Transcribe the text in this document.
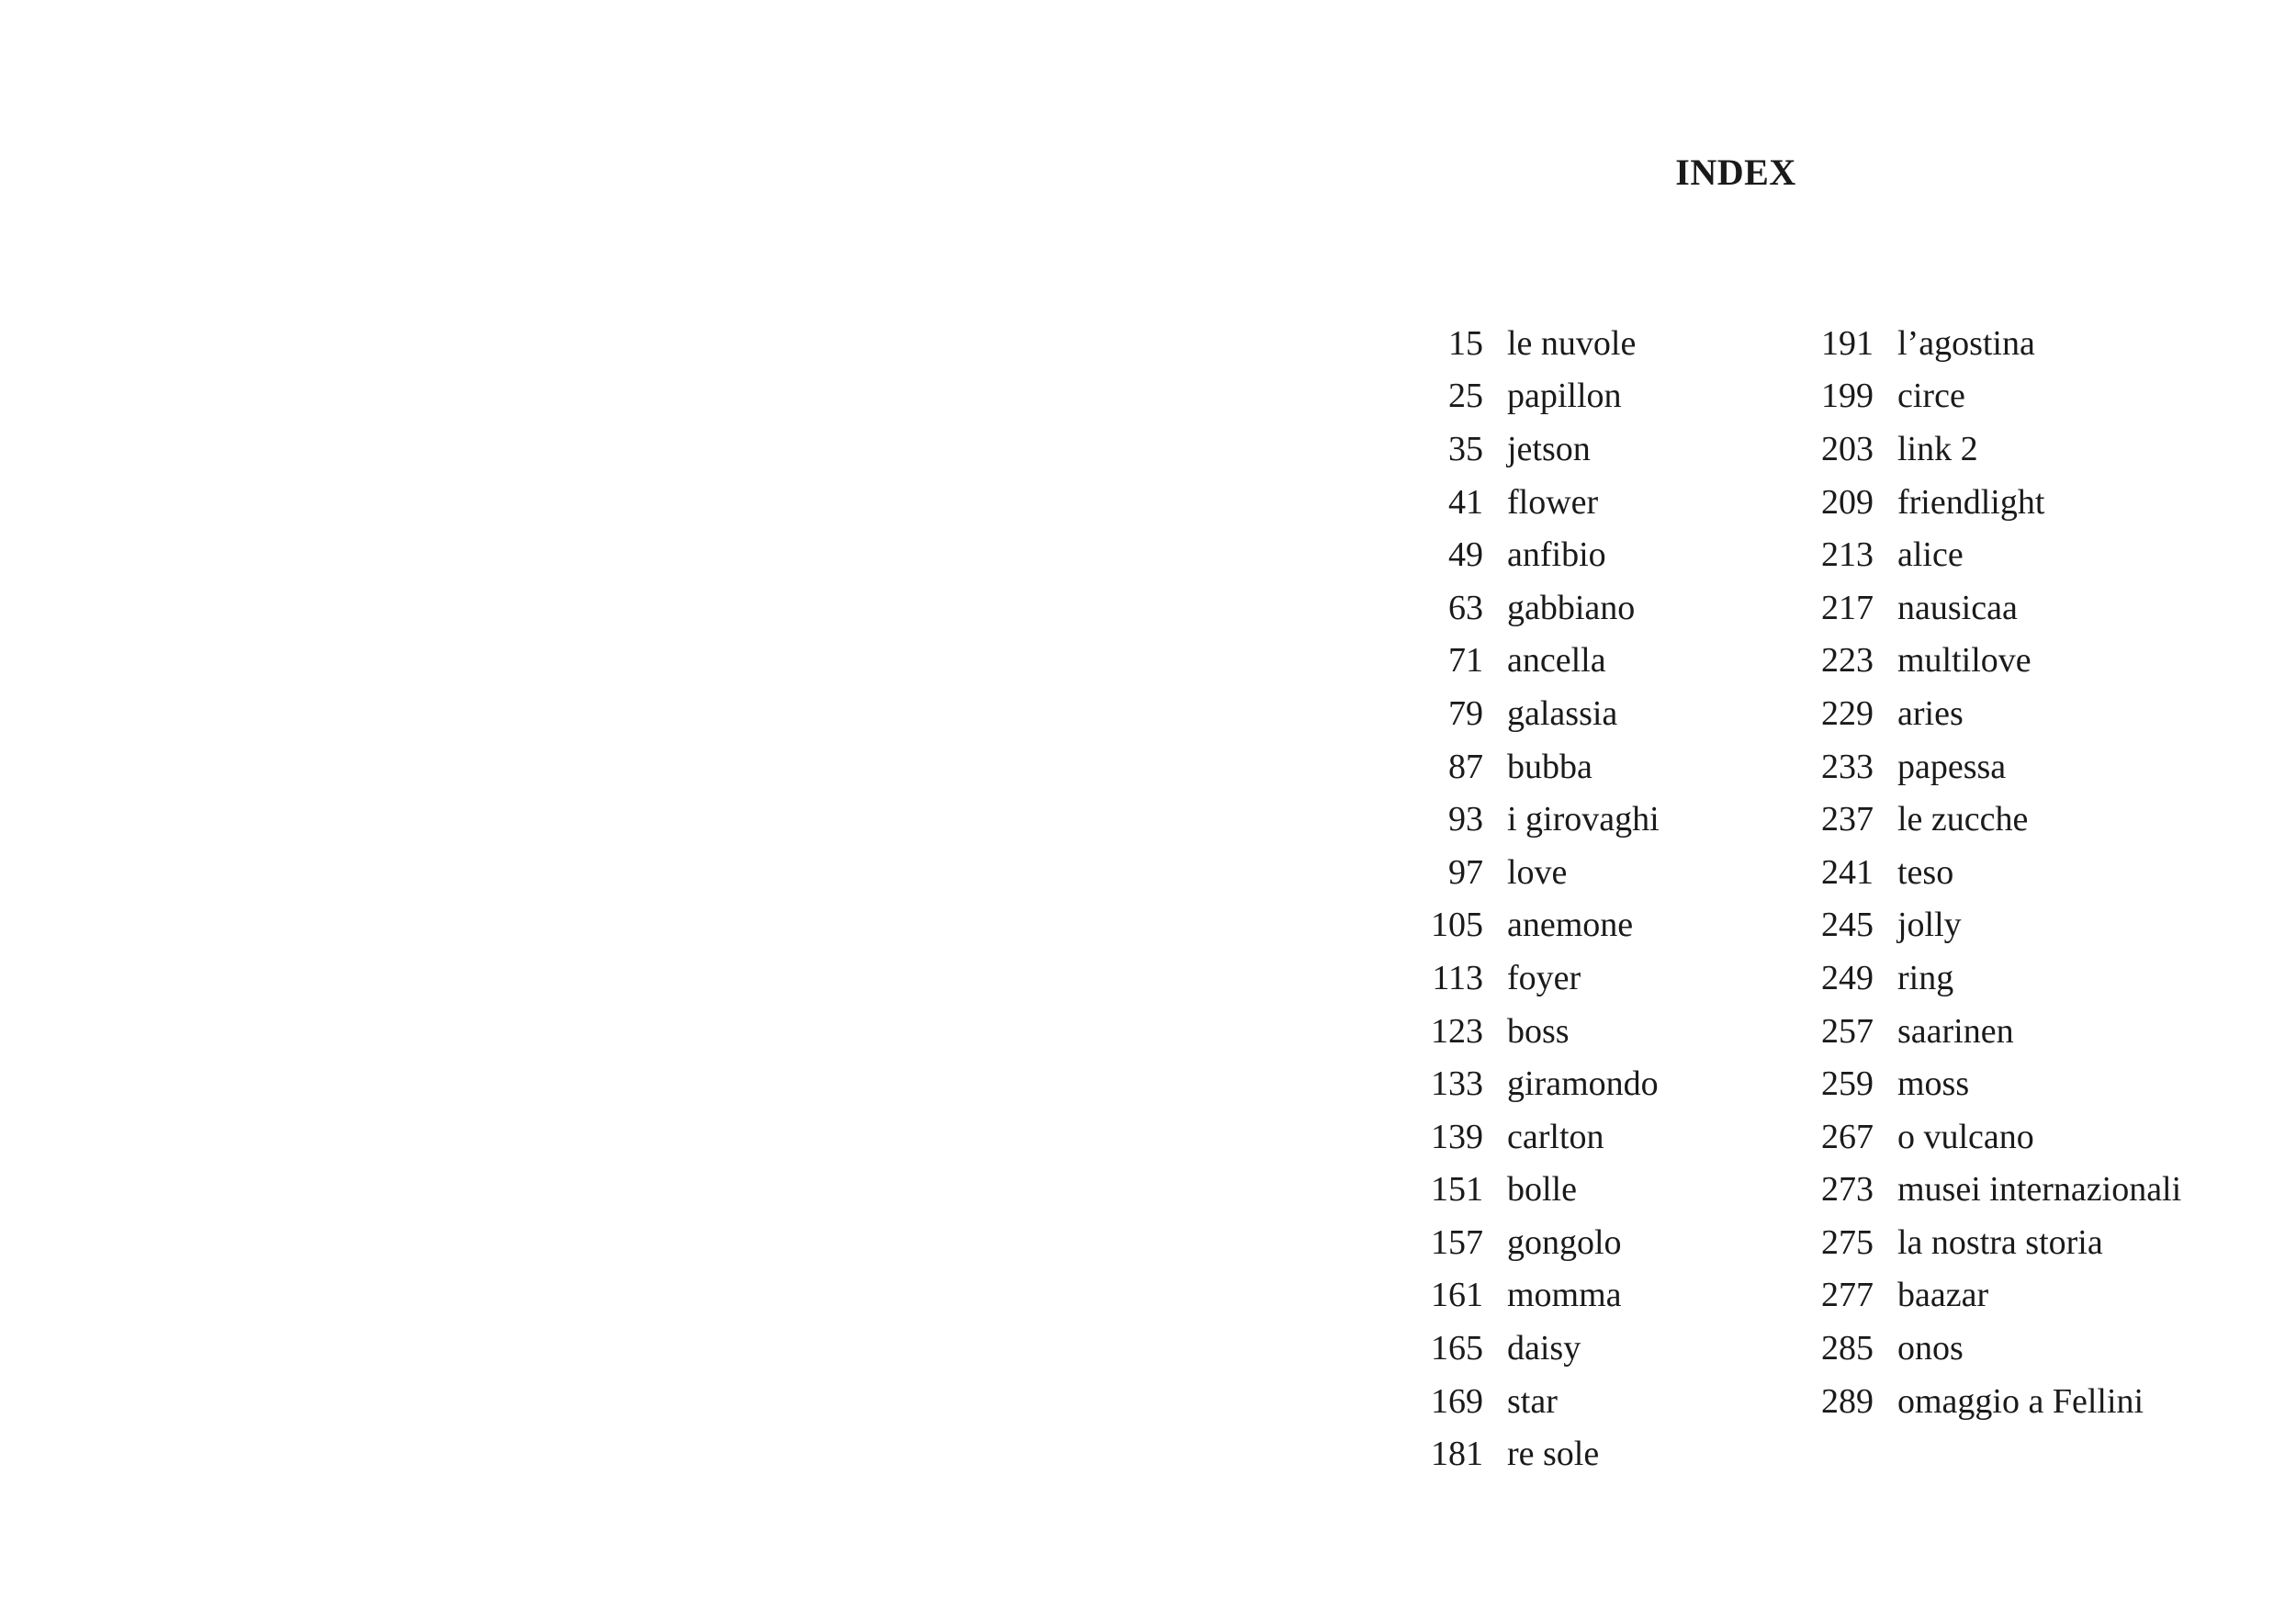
INDEX
15 le nuvole
25 papillon
35 jetson
41 flower
49 anfibio
63 gabbiano
71 ancella
79 galassia
87 bubba
93 i girovaghi
97 love
105 anemone
113 foyer
123 boss
133 giramondo
139 carlton
151 bolle
157 gongolo
161 momma
165 daisy
169 star
181 re sole
191 l’agostina
199 circe
203 link 2
209 friendlight
213 alice
217 nausicaa
223 multilove
229 aries
233 papessa
237 le zucche
241 teso
245 jolly
249 ring
257 saarinen
259 moss
267 o vulcano
273 musei internazionali
275 la nostra storia
277 baazar
285 onos
289 omaggio a Fellini
